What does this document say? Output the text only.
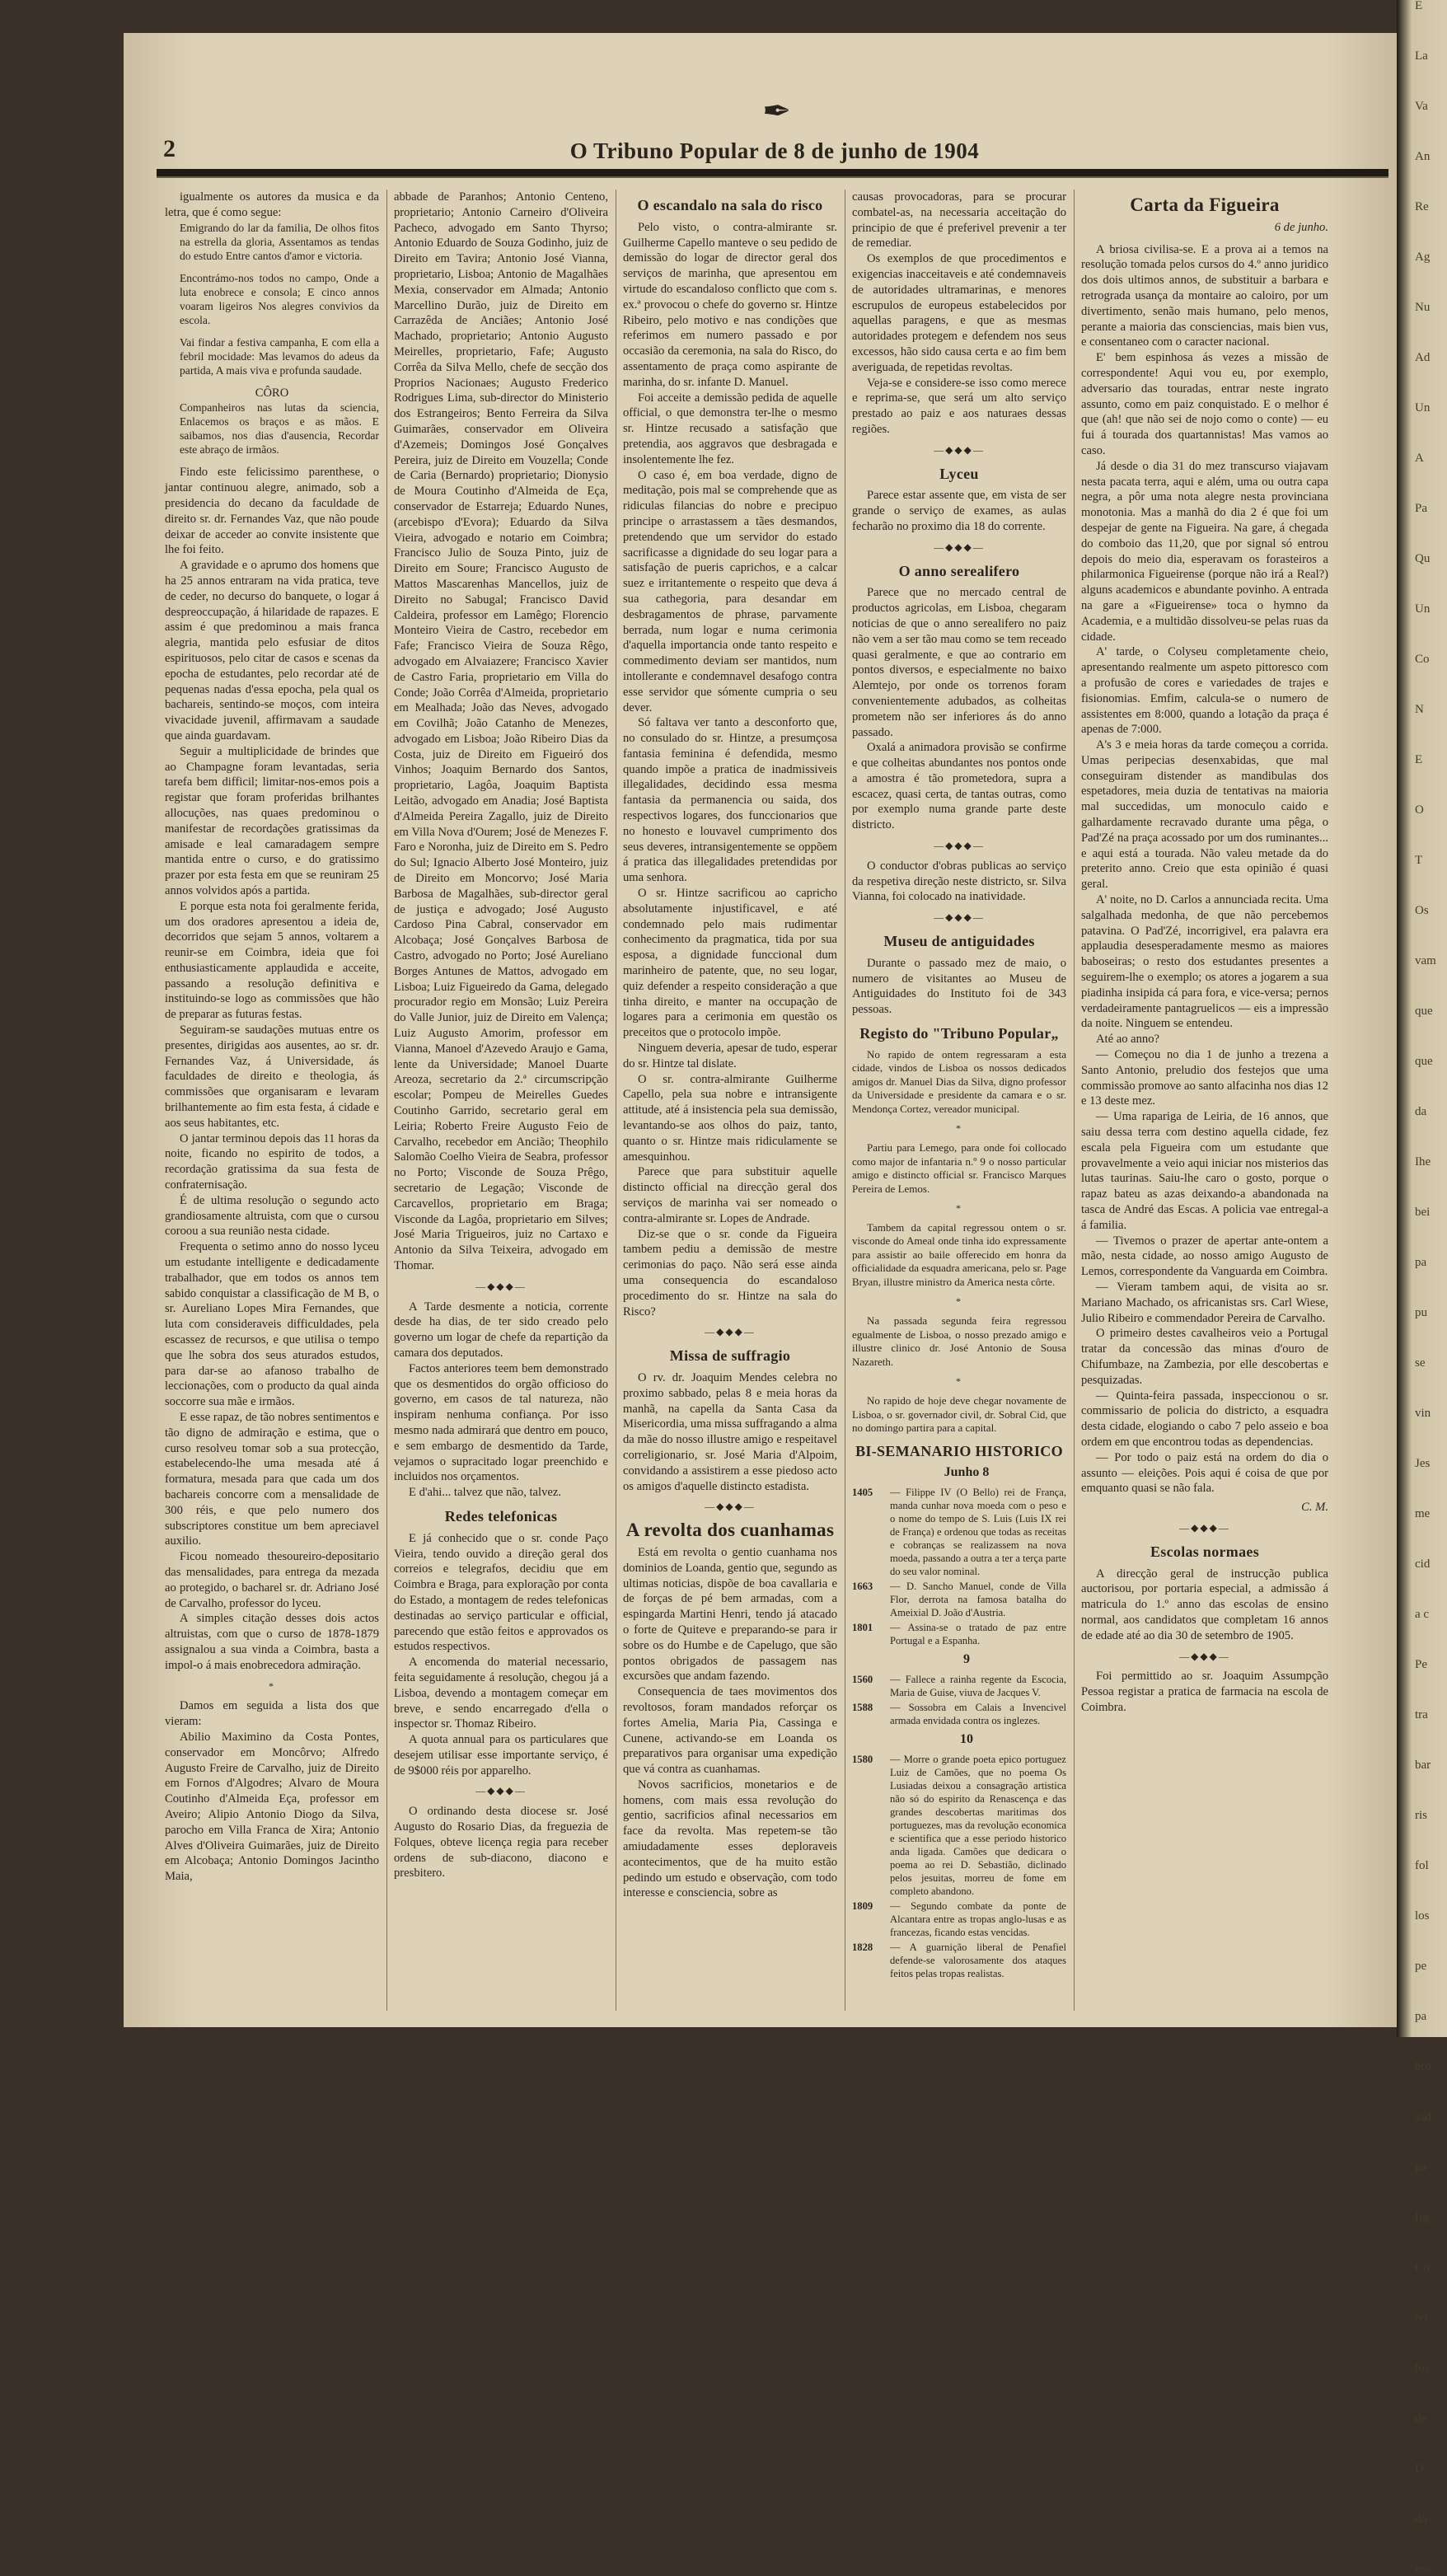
E
La
Va
An
Re
Ag
Nu
Ad
Un
A
Pa
Qu
Un
Co
N
E
O
T
Os
vam
que
que
da
Ihe
bei
pa
pu
se
vin
Jes
me
cid
a c
Pe
tra
bar
ris
fol
los
pe
pa
bro
sad
pa
fig
Co
rei
los
de
D
do
ros
✒
2	O Tribuno Popular de 8 de junho de 1904

igualmente os autores da musica e da letra, que é como segue:

Emigrando do lar da familia, De olhos fitos na estrella da gloria, Assentamos as tendas do estudo Entre cantos d'amor e victoria.

Encontrámo-nos todos no campo, Onde a luta enobrece e consola; E cinco annos voaram ligeiros Nos alegres convivios da escola.

Vai findar a festiva campanha, E com ella a febril mocidade: Mas levamos do adeus da partida, A mais viva e profunda saudade.

CÔRO

Companheiros nas lutas da sciencia, Enlacemos os braços e as mãos. E saibamos, nos dias d'ausencia, Recordar este abraço de irmãos.

Findo este felicissimo parenthese, o jantar continuou alegre, animado, sob a presidencia do decano da faculdade de direito sr. dr. Fernandes Vaz, que não poude deixar de acceder ao convite insistente que lhe foi feito.

A gravidade e o aprumo dos homens que ha 25 annos entraram na vida pratica, teve de ceder, no decurso do banquete, o logar á despreoccupação, á hilaridade de rapazes. E assim é que predominou a mais franca alegria, mantida pelo esfusiar de ditos espirituosos, pelo citar de casos e scenas da epocha de estudantes, pelo recordar até de pequenas nadas d'essa epocha, pela qual os bachareis, sentindo-se moços, com inteira vivacidade juvenil, affirmavam a saudade que ainda guardavam.

Seguir a multiplicidade de brindes que ao Champagne foram levantadas, seria tarefa bem difficil; limitar-nos-emos pois a registar que foram proferidas brilhantes allocuções, nas quaes predominou o manifestar de recordações gratissimas da amisade e leal camaradagem sempre mantida entre o curso, e do gratissimo prazer por esta festa em que se reuniram 25 annos volvidos após a partida.

E porque esta nota foi geralmente ferida, um dos oradores apresentou a ideia de, decorridos que sejam 5 annos, voltarem a reunir-se em Coimbra, ideia que foi enthusiasticamente applaudida e acceite, passando a resolução definitiva e instituindo-se logo as commissões que hão de preparar as futuras festas.

Seguiram-se saudações mutuas entre os presentes, dirigidas aos ausentes, ao sr. dr. Fernandes Vaz, á Universidade, ás faculdades de direito e theologia, ás commissões que organisaram e levaram brilhantemente ao fim esta festa, á cidade e aos seus habitantes, etc.

O jantar terminou depois das 11 horas da noite, ficando no espirito de todos, a recordação gratissima da sua festa de confraternisação.

É de ultima resolução o segundo acto grandiosamente altruista, com que o cursou coroou a sua reunião nesta cidade.

Frequenta o setimo anno do nosso lyceu um estudante intelligente e dedicadamente trabalhador, que em todos os annos tem sabido conquistar a classificação de M B, o sr. Aureliano Lopes Mira Fernandes, que luta com consideraveis difficuldades, pela escassez de recursos, e que utilisa o tempo que lhe sobra dos seus aturados estudos, para dar-se ao afanoso trabalho de leccionações, com o producto da qual ainda soccorre sua mãe e irmãos.

E esse rapaz, de tão nobres sentimentos e tão digno de admiração e estima, que o curso resolveu tomar sob a sua protecção, estabelecendo-lhe uma mesada até á formatura, mesada para que cada um dos bachareis concorre com a mensalidade de 300 réis, e que pelo numero dos subscriptores constitue um bem apreciavel auxilio.

Ficou nomeado thesoureiro-depositario das mensalidades, para entrega da mezada ao protegido, o bacharel sr. dr. Adriano José de Carvalho, professor do lyceu.

A simples citação desses dois actos altruistas, com que o curso de 1878-1879 assignalou a sua vinda a Coimbra, basta a impol-o á mais enobrecedora admiração.

*

Damos em seguida a lista dos que vieram:

Abilio Maximino da Costa Pontes, conservador em Moncôrvo; Alfredo Augusto Freire de Carvalho, juiz de Direito em Fornos d'Algodres; Alvaro de Moura Coutinho d'Almeida Eça, professor em Aveiro; Alipio Antonio Diogo da Silva, parocho em Villa Franca de Xira; Antonio Alves d'Oliveira Guimarães, juiz de Direito em Alcobaça; Antonio Domingos Jacintho Maia,

abbade de Paranhos; Antonio Centeno, proprietario; Antonio Carneiro d'Oliveira Pacheco, advogado em Santo Thyrso; Antonio Eduardo de Souza Godinho, juiz de Direito em Tavira; Antonio José Vianna, proprietario, Lisboa; Antonio de Magalhães Mexia, conservador em Almada; Antonio Marcellino Durão, juiz de Direito em Carrazêda de Anciães; Antonio José Machado, proprietario; Antonio Augusto Meirelles, proprietario, Fafe; Augusto Corrêa da Silva Mello, chefe de secção dos Proprios Nacionaes; Augusto Frederico Rodrigues Lima, sub-director do Ministerio dos Estrangeiros; Bento Ferreira da Silva Guimarães, conservador em Oliveira d'Azemeis; Domingos José Gonçalves Pereira, juiz de Direito em Vouzella; Conde de Caria (Bernardo) proprietario; Dionysio de Moura Coutinho d'Almeida de Eça, conservador de Estarreja; Eduardo Nunes, (arcebispo d'Evora); Eduardo da Silva Vieira, advogado e notario em Coimbra; Francisco Julio de Souza Pinto, juiz de Direito em Soure; Francisco Augusto de Mattos Mascarenhas Mancellos, juiz de Direito no Sabugal; Francisco David Caldeira, professor em Lamêgo; Florencio Monteiro Vieira de Castro, recebedor em Fafe; Francisco Vieira de Souza Rêgo, advogado em Alvaiazere; Francisco Xavier de Castro Faria, proprietario em Villa do Conde; João Corrêa d'Almeida, proprietario em Mealhada; João das Neves, advogado em Covilhã; João Catanho de Menezes, advogado em Lisboa; João Ribeiro Dias da Costa, juiz de Direito em Figueiró dos Vinhos; Joaquim Bernardo dos Santos, proprietario, Lagôa, Joaquim Baptista Leitão, advogado em Anadia; José Baptista d'Almeida Pereira Zagallo, juiz de Direito em Villa Nova d'Ourem; José de Menezes F. Faro e Noronha, juiz de Direito em S. Pedro do Sul; Ignacio Alberto José Monteiro, juiz de Direito em Moncorvo; José Maria Barbosa de Magalhães, sub-director geral de justiça e advogado; José Augusto Cardoso Pina Cabral, conservador em Alcobaça; José Gonçalves Barbosa de Castro, advogado no Porto; José Aureliano Borges Antunes de Mattos, advogado em Lisboa; Luiz Figueiredo da Gama, delegado procurador regio em Monsão; Luiz Pereira do Valle Junior, juiz de Direito em Valença; Luiz Augusto Amorim, professor em Vianna, Manoel d'Azevedo Araujo e Gama, lente da Universidade; Manoel Duarte Areoza, secretario da 2.ª circumscripção escolar; Pompeu de Meirelles Guedes Coutinho Garrido, secretario geral em Leiria; Roberto Freire Augusto Feio de Carvalho, recebedor em Ancião; Theophilo Salomão Coelho Vieira de Seabra, professor no Porto; Visconde de Souza Prêgo, secretario de Legação; Visconde de Carcavellos, proprietario em Braga; Visconde da Lagôa, proprietario em Silves; José Maria Trigueiros, juiz no Cartaxo e Antonio da Silva Teixeira, advogado em Thomar.

—◆◆◆—

A Tarde desmente a noticia, corrente desde ha dias, de ter sido creado pelo governo um logar de chefe da repartição da camara dos deputados.

Factos anteriores teem bem demonstrado que os desmentidos do orgão officioso do governo, em casos de tal natureza, não inspiram nenhuma confiança. Por isso mesmo nada admirará que dentro em pouco, e sem embargo de desmentido da Tarde, vejamos o supracitado logar preenchido e incluidos nos orçamentos.

E d'ahi... talvez que não, talvez.

Redes telefonicas

E já conhecido que o sr. conde Paço Vieira, tendo ouvido a direção geral dos correios e telegrafos, decidiu que em Coimbra e Braga, para exploração por conta do Estado, a montagem de redes telefonicas destinadas ao serviço particular e official, parecendo que estão feitos e approvados os estudos respectivos.

A encomenda do material necessario, feita seguidamente á resolução, chegou já a Lisboa, devendo a montagem começar em breve, e sendo encarregado d'ella o inspector sr. Thomaz Ribeiro.

A quota annual para os particulares que desejem utilisar esse importante serviço, é de 9$000 réis por apparelho.

—◆◆◆—

O ordinando desta diocese sr. José Augusto do Rosario Dias, da freguezia de Folques, obteve licença regia para receber ordens de sub-diacono, diacono e presbitero.

O escandalo na sala do risco

Pelo visto, o contra-almirante sr. Guilherme Capello manteve o seu pedido de demissão do logar de director geral dos serviços de marinha, que apresentou em virtude do escandaloso conflicto que com s. ex.ª provocou o chefe do governo sr. Hintze Ribeiro, pelo motivo e nas condições que referimos em numero passado e por occasião da ceremonia, na sala do Risco, do assentamento de praça como aspirante de marinha, do sr. infante D. Manuel.

Foi acceite a demissão pedida de aquelle official, o que demonstra ter-lhe o mesmo sr. Hintze recusado a satisfação que pretendia, aos aggravos que desbragada e insolentemente lhe fez.

O caso é, em boa verdade, digno de meditação, pois mal se comprehende que as ridiculas filancias do nobre e precipuo principe o arrastassem a tães desmandos, pretendendo que um servidor do estado sacrificasse a dignidade do seu logar para a satisfação de pueris caprichos, e a calcar suez e irritantemente o respeito que deva á sua cathegoria, para desandar em desbragamentos de phrase, parvamente berrada, num logar e numa cerimonia d'aquella importancia onde tanto respeito e commedimento deviam ser mantidos, num intollerante e condemnavel desafogo contra esse servidor que sómente cumpria o seu dever.

Só faltava ver tanto a desconforto que, no consulado do sr. Hintze, a presumçosa fantasia feminina é defendida, mesmo quando impõe a pratica de inadmissiveis illegalidades, decidindo essa mesma fantasia da permanencia ou saida, dos respectivos logares, dos funccionarios que no honesto e louvavel cumprimento dos seus deveres, intransigentemente se oppõem á pratica das illegalidades pretendidas por uma senhora.

O sr. Hintze sacrificou ao capricho absolutamente injustificavel, e até condemnado pelo mais rudimentar conhecimento da pragmatica, tida por sua esposa, a dignidade funccional dum marinheiro de patente, que, no seu logar, quiz defender a respeito consideração a que tinha direito, e manter na occupação de logares para a cerimonia em questão os preceitos que o protocolo impõe.

Ninguem deveria, apesar de tudo, esperar do sr. Hintze tal dislate.

O sr. contra-almirante Guilherme Capello, pela sua nobre e intransigente attitude, até á insistencia pela sua demissão, levantando-se aos olhos do paiz, tanto, quanto o sr. Hintze mais ridiculamente se amesquinhou.

Parece que para substituir aquelle distincto official na direcção geral dos serviços de marinha vai ser nomeado o contra-almirante sr. Lopes de Andrade.

Diz-se que o sr. conde da Figueira tambem pediu a demissão de mestre cerimonias do paço. Não será esse ainda uma consequencia do escandaloso procedimento do sr. Hintze na sala do Risco?

—◆◆◆—
Missa de suffragio

O rv. dr. Joaquim Mendes celebra no proximo sabbado, pelas 8 e meia horas da manhã, na capella da Santa Casa da Misericordia, uma missa suffragando a alma da mãe do nosso illustre amigo e respeitavel correligionario, sr. José Maria d'Alpoim, convidando a assistirem a esse piedoso acto os amigos d'aquelle distincto estadista.

—◆◆◆—
A revolta dos cuanhamas

Está em revolta o gentio cuanhama nos dominios de Loanda, gentio que, segundo as ultimas noticias, dispõe de boa cavallaria e de forças de pé bem armadas, com a espingarda Martini Henri, tendo já atacado o forte de Quiteve e preparando-se para ir sobre os do Humbe e de Capelugo, que são pontos obrigados de passagem nas excursões que andam fazendo.

Consequencia de taes movimentos dos revoltosos, foram mandados reforçar os fortes Amelia, Maria Pia, Cassinga e Cunene, activando-se em Loanda os preparativos para organisar uma expedição que vá contra as cuanhamas.

Novos sacrificios, monetarios e de homens, com mais essa revolução do gentio, sacrificios afinal necessarios em face da revolta. Mas repetem-se tão amiudadamente esses deploraveis acontecimentos, que de ha muito estão pedindo um estudo e observação, com todo interesse e consciencia, sobre as

causas provocadoras, para se procurar combatel-as, na necessaria acceitação do principio de que é preferivel prevenir a ter de remediar.

Os exemplos de que procedimentos e exigencias inacceitaveis e até condemnaveis de autoridades ultramarinas, e menores escrupulos de europeus estabelecidos por aquellas paragens, e que as mesmas autoridades protegem e defendem nos seus excessos, hão sido causa certa e ao fim bem averiguada, de repetidas revoltas.

Veja-se e considere-se isso como merece e reprima-se, que será um alto serviço prestado ao paiz e aos naturaes dessas regiões.

—◆◆◆—
Lyceu

Parece estar assente que, em vista de ser grande o serviço de exames, as aulas fecharão no proximo dia 18 do corrente.

—◆◆◆—
O anno serealifero

Parece que no mercado central de productos agricolas, em Lisboa, chegaram noticias de que o anno serealifero no paiz não vem a ser tão mau como se tem receado quasi geralmente, e que ao contrario em pontos diversos, e especialmente no baixo Alemtejo, por onde os torrenos foram convenientemente adubados, as colheitas prometem não ser inferiores ás do anno passado.

Oxalá a animadora provisão se confirme e que colheitas abundantes nos pontos onde a amostra é tão prometedora, supra a escacez, quasi certa, de tantas outras, como por exemplo numa grande parte deste districto.

—◆◆◆—

O conductor d'obras publicas ao serviço da respetiva direção neste districto, sr. Silva Vianna, foi colocado na inatividade.

—◆◆◆—
Museu de antiguidades

Durante o passado mez de maio, o numero de visitantes ao Museu de Antiguidades do Instituto foi de 343 pessoas.

Registo do "Tribuno Popular„

No rapido de ontem regressaram a esta cidade, vindos de Lisboa os nossos dedicados amigos dr. Manuel Dias da Silva, digno professor da Universidade e presidente da camara e o sr. Mendonça Cortez, vereador municipal.

*

Partiu para Lemego, para onde foi collocado como major de infantaria n.º 9 o nosso particular amigo e distincto official sr. Francisco Marques Pereira de Lemos.

*

Tambem da capital regressou ontem o sr. visconde do Ameal onde tinha ido expressamente para assistir ao baile offerecido em honra da officialidade da esquadra americana, pelo sr. Page Bryan, illustre ministro da America nesta côrte.

*

Na passada segunda feira regressou egualmente de Lisboa, o nosso prezado amigo e illustre clinico dr. José Antonio de Sousa Nazareth.

*

No rapido de hoje deve chegar novamente de Lisboa, o sr. governador civil, dr. Sobral Cid, que no domingo partira para a capital.

BI-SEMANARIO HISTORICO

Junho 8

1405 — Filippe IV (O Bello) rei de França, manda cunhar nova moeda com o peso e o nome do tempo de S. Luis (Luis IX rei de França) e ordenou que todas as receitas e cobranças se realizassem na nova moeda, passando a outra a ter a terça parte do seu valor nominal.

1663 — D. Sancho Manuel, conde de Villa Flor, derrota na famosa batalha do Ameixial D. João d'Austria.

1801 — Assina-se o tratado de paz entre Portugal e a Espanha.

9

1560 — Fallece a rainha regente da Escocia, Maria de Guise, viuva de Jacques V.

1588 — Sossobra em Calais a Invencivel armada envidada contra os inglezes.

10

1580 — Morre o grande poeta epico portuguez Luiz de Camões, que no poema Os Lusiadas deixou a consagração artistica não só do espirito da Renascença e das grandes descobertas maritimas dos portuguezes, mas da revolução economica e scientifica que a esse periodo historico anda ligada. Camões que dedicara o poema ao rei D. Sebastião, diclinado pelos jesuitas, morreu de fome em completo abandono.

1809 — Segundo combate da ponte de Alcantara entre as tropas anglo-lusas e as francezas, ficando estas vencidas.

1828 — A guarnição liberal de Penafiel defende-se valorosamente dos ataques feitos pelas tropas realistas.

Carta da Figueira

6 de junho.

A briosa civilisa-se. E a prova ai a temos na resolução tomada pelos cursos do 4.º anno juridico dos dois ultimos annos, de substituir a barbara e retrograda usança da montaire ao caloiro, por um divertimento, senão mais humano, pelo menos, perante a maioria das consciencias, mais bien vus, e consentaneo com o caracter nacional.

E' bem espinhosa ás vezes a missão de correspondente! Aqui vou eu, por exemplo, adversario das touradas, entrar neste ingrato assunto, como em paiz conquistado. E o melhor é que (ah! que não sei de nojo como o conte) — eu fui á tourada dos quartannistas! Mas vamos ao caso.

Já desde o dia 31 do mez transcurso viajavam nesta pacata terra, aqui e além, uma ou outra capa negra, a pôr uma nota alegre nesta provinciana monotonia. Mas a manhã do dia 2 é que foi um despejar de gente na Figueira. Na gare, á chegada do comboio das 11,20, que por signal só entrou depois do meio dia, esperavam os forasteiros a philarmonica Figueirense (porque não irá a Real?) alguns academicos e abundante povinho. A entrada na gare a «Figueirense» toca o hymno da Academia, e a multidão dissolveu-se pelas ruas da cidade.

A' tarde, o Colyseu completamente cheio, apresentando realmente um aspeto pittoresco com a profusão de cores e variedades de trajes e fisionomias. Emfim, calcula-se o numero de assistentes em 8:000, quando a lotação da praça é apenas de 7:000.

A's 3 e meia horas da tarde começou a corrida. Umas peripecias desenxabidas, que mal conseguiram distender as mandibulas dos espetadores, meia duzia de tentativas na maioria mal succedidas, um monoculo caido e galhardamente recravado durante uma pêga, o Pad'Zé na praça acossado por um dos ruminantes... e aqui está a tourada. Não valeu metade da do preterito anno. Creio que esta opinião é quasi geral.

A' noite, no D. Carlos a annunciada recita. Uma salgalhada medonha, de que não percebemos patavina. O Pad'Zé, incorrigivel, era palavra era applaudia desesperadamente mesmo as maiores baboseiras; o resto dos estudantes presentes a seguirem-lhe o exemplo; os atores a jogarem a sua piadinha insipida cá para fora, e vice-versa; pernos verdadeiramente pantagruelicos — eis a impressão da noite. Ninguem se entendeu.

Até ao anno?

— Começou no dia 1 de junho a trezena a Santo Antonio, preludio dos festejos que uma commissão promove ao santo alfacinha nos dias 12 e 13 deste mez.

— Uma rapariga de Leiria, de 16 annos, que saiu dessa terra com destino aquella cidade, fez escala pela Figueira com um estudante que provavelmente a veio aqui iniciar nos misterios das lutas taurinas. Saiu-lhe caro o gosto, porque o rapaz bateu as azas deixando-a abandonada na tasca de André das Escas. A policia vae entregal-a á familia.

— Tivemos o prazer de apertar ante-ontem a mão, nesta cidade, ao nosso amigo Augusto de Lemos, correspondente da Vanguarda em Coimbra.

— Vieram tambem aqui, de visita ao sr. Mariano Machado, os africanistas srs. Carl Wiese, Julio Ribeiro e commendador Pereira de Carvalho.

O primeiro destes cavalheiros veio a Portugal tratar da concessão das minas d'ouro de Chifumbaze, na Zambezia, por elle descobertas e pesquizadas.

— Quinta-feira passada, inspeccionou o sr. commissario de policia do districto, a esquadra desta cidade, elogiando o cabo 7 pelo asseio e boa ordem em que encontrou todas as dependencias.

— Por todo o paiz está na ordem do dia o assunto — eleições. Pois aqui é coisa de que por emquanto quasi se não fala.

C. M.

—◆◆◆—
Escolas normaes

A direcção geral de instrucção publica auctorisou, por portaria especial, a admissão á matricula do 1.º anno das escolas de ensino normal, aos candidatos que completam 16 annos de edade até ao dia 30 de setembro de 1905.

—◆◆◆—

Foi permittido ao sr. Joaquim Assumpção Pessoa registar a pratica de farmacia na escola de Coimbra.
